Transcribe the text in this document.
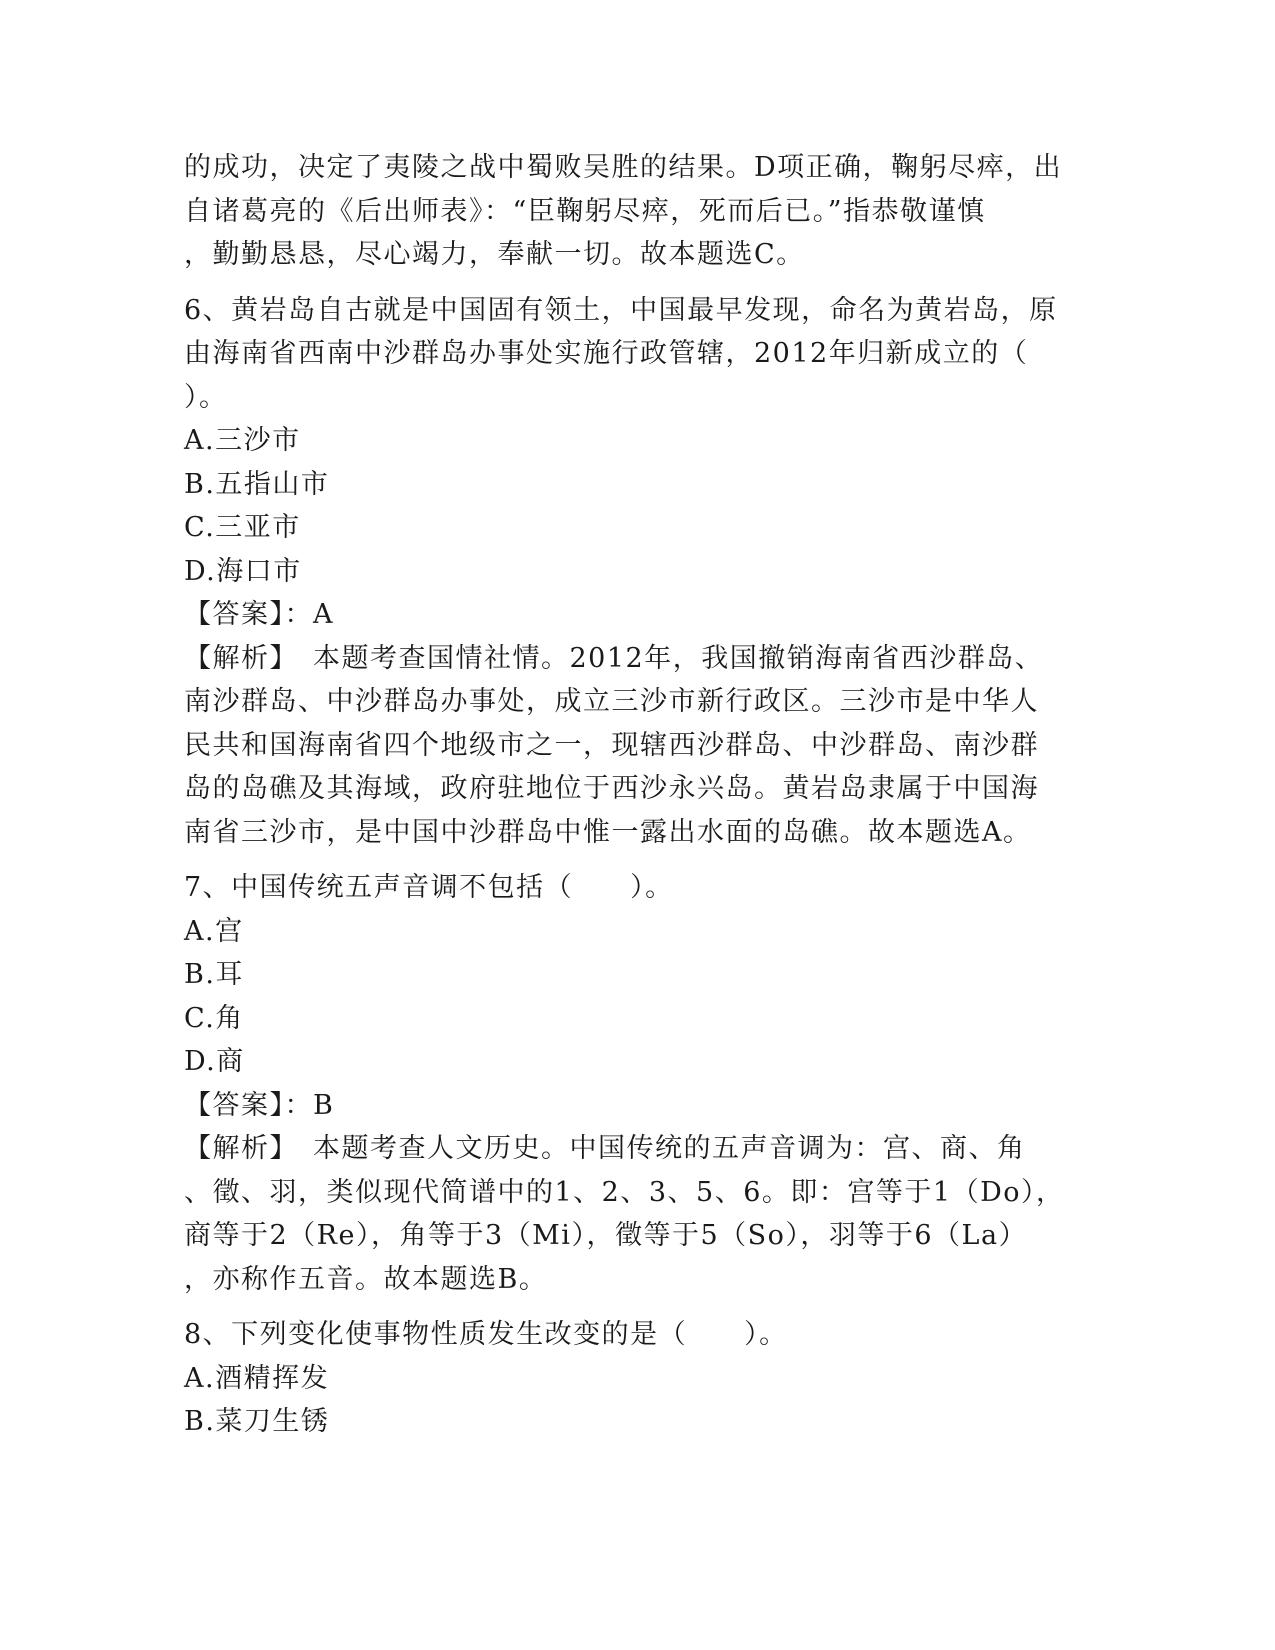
的成功，决定了夷陵之战中蜀败吴胜的结果。D项正确，鞠躬尽瘁，出
自诸葛亮的《后出师表》：“臣鞠躬尽瘁，死而后已。”指恭敬谨慎
，勤勤恳恳，尽心竭力，奉献一切。故本题选C。
6、黄岩岛自古就是中国固有领土，中国最早发现，命名为黄岩岛，原
由海南省西南中沙群岛办事处实施行政管辖，2012年归新成立的（
）。
A.三沙市
B.五指山市
C.三亚市
D.海口市
【答案】：A
【解析】　本题考查国情社情。2012年，我国撤销海南省西沙群岛、
南沙群岛、中沙群岛办事处，成立三沙市新行政区。三沙市是中华人
民共和国海南省四个地级市之一，现辖西沙群岛、中沙群岛、南沙群
岛的岛礁及其海域，政府驻地位于西沙永兴岛。黄岩岛隶属于中国海
南省三沙市，是中国中沙群岛中惟一露出水面的岛礁。故本题选A。
7、中国传统五声音调不包括（　　）。
A.宫
B.耳
C.角
D.商
【答案】：B
【解析】　本题考查人文历史。中国传统的五声音调为：宫、商、角
、徵、羽，类似现代简谱中的1、2、3、5、6。即：宫等于1（Do），
商等于2（Re），角等于3（Mi），徵等于5（So），羽等于6（La）
，亦称作五音。故本题选B。
8、下列变化使事物性质发生改变的是（　　）。
A.酒精挥发
B.菜刀生锈
